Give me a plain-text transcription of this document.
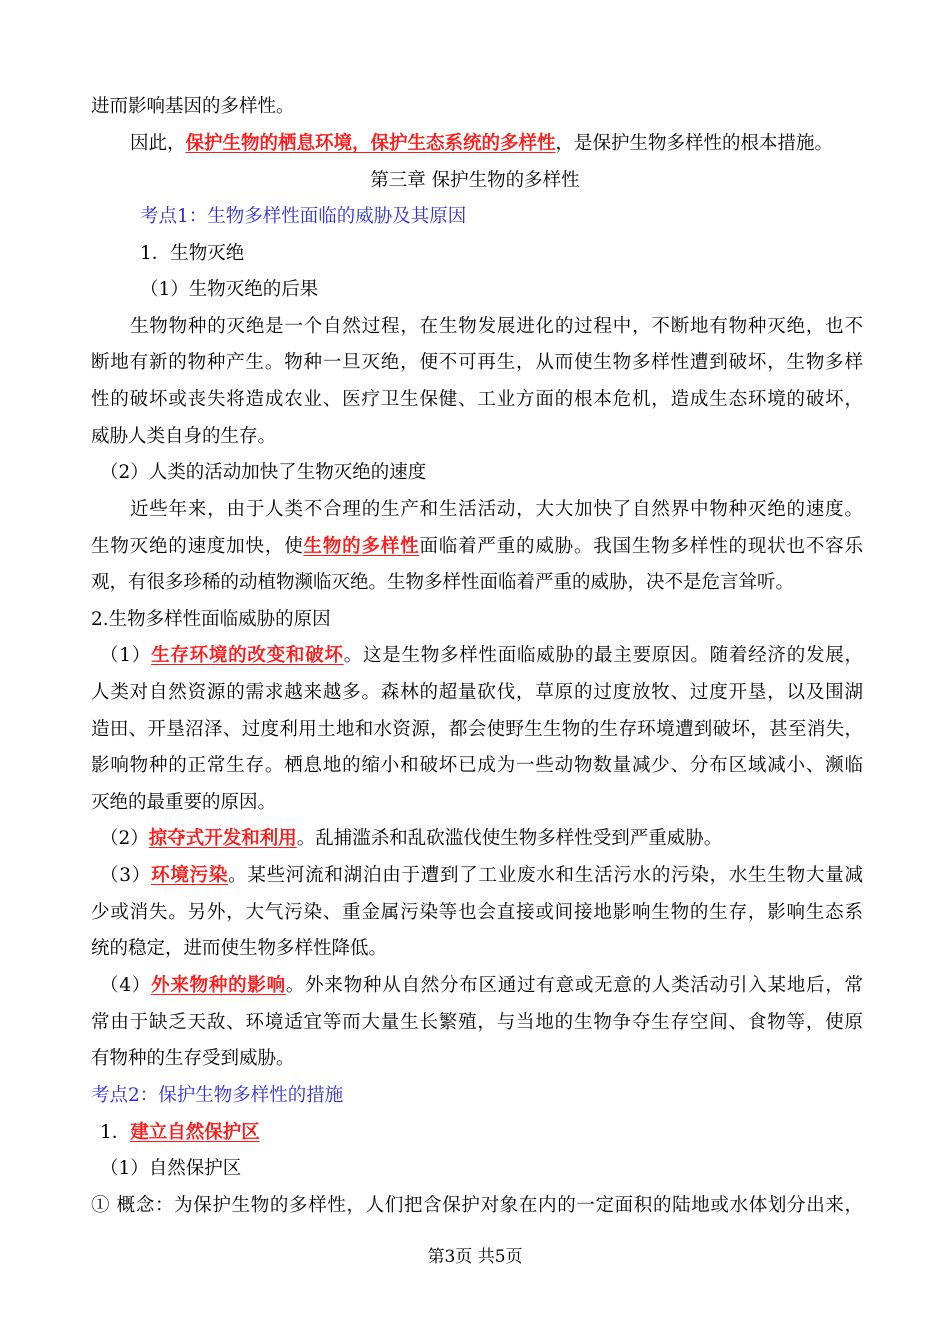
进而影响基因的多样性。
因此，保护生物的栖息环境，保护生态系统的多样性，是保护生物多样性的根本措施。
第三章 保护生物的多样性
考点1：生物多样性面临的威胁及其原因
1．生物灭绝
（1）生物灭绝的后果
生物物种的灭绝是一个自然过程，在生物发展进化的过程中，不断地有物种灭绝，也不
断地有新的物种产生。物种一旦灭绝，便不可再生，从而使生物多样性遭到破坏，生物多样
性的破坏或丧失将造成农业、医疗卫生保健、工业方面的根本危机，造成生态环境的破坏，
威胁人类自身的生存。
（2）人类的活动加快了生物灭绝的速度
近些年来，由于人类不合理的生产和生活活动，大大加快了自然界中物种灭绝的速度。
生物灭绝的速度加快，使生物的多样性面临着严重的威胁。我国生物多样性的现状也不容乐
观，有很多珍稀的动植物濒临灭绝。生物多样性面临着严重的威胁，决不是危言耸听。
2.生物多样性面临威胁的原因
（1）生存环境的改变和破坏。这是生物多样性面临威胁的最主要原因。随着经济的发展，
人类对自然资源的需求越来越多。森林的超量砍伐，草原的过度放牧、过度开垦，以及围湖
造田、开垦沼泽、过度利用土地和水资源，都会使野生生物的生存环境遭到破坏，甚至消失，
影响物种的正常生存。栖息地的缩小和破坏已成为一些动物数量减少、分布区域减小、濒临
灭绝的最重要的原因。
（2）掠夺式开发和利用。乱捕滥杀和乱砍滥伐使生物多样性受到严重威胁。
（3）环境污染。某些河流和湖泊由于遭到了工业废水和生活污水的污染，水生生物大量减
少或消失。另外，大气污染、重金属污染等也会直接或间接地影响生物的生存，影响生态系
统的稳定，进而使生物多样性降低。
（4）外来物种的影响。外来物种从自然分布区通过有意或无意的人类活动引入某地后，常
常由于缺乏天敌、环境适宜等而大量生长繁殖，与当地的生物争夺生存空间、食物等，使原
有物种的生存受到威胁。
考点2：保护生物多样性的措施
1．建立自然保护区
（1）自然保护区
① 概念：为保护生物的多样性，人们把含保护对象在内的一定面积的陆地或水体划分出来，
第3页 共5页
